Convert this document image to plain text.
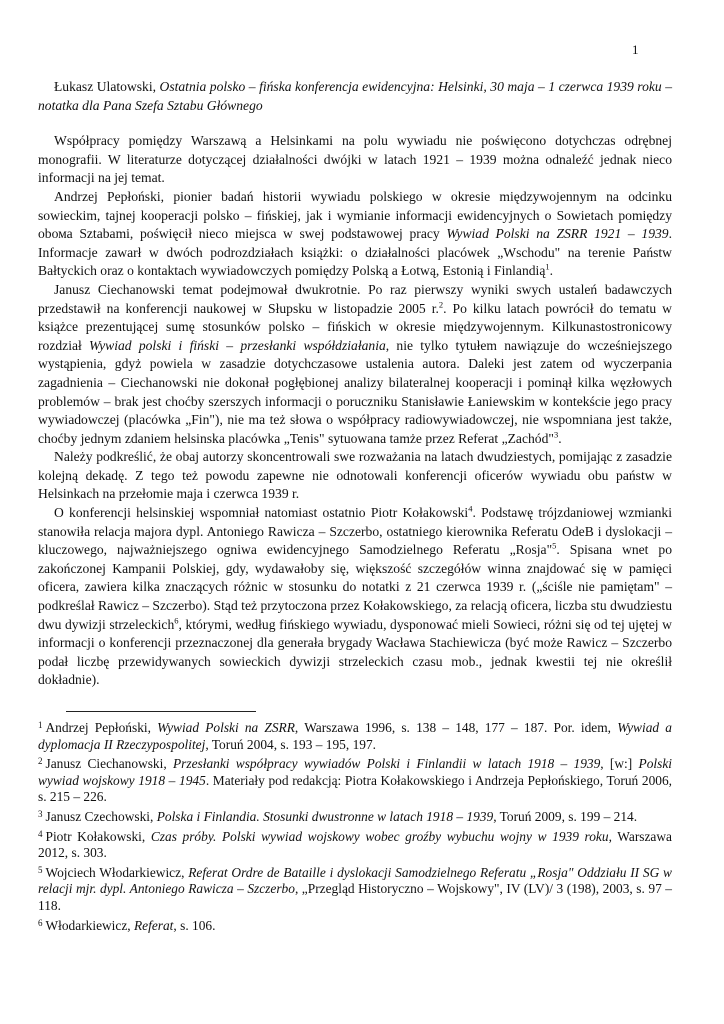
1

Łukasz Ulatowski, Ostatnia polsko – fińska konferencja ewidencyjna: Helsinki, 30 maja – 1 czerwca 1939 roku – notatka dla Pana Szefa Sztabu Głównego

Współpracy pomiędzy Warszawą a Helsinkami na polu wywiadu nie poświęcono dotychczas odrębnej monografii. W literaturze dotyczącej działalności dwójki w latach 1921 – 1939 można odnaleźć jednak nieco informacji na jej temat.

Andrzej Pepłoński, pionier badań historii wywiadu polskiego w okresie międzywojennym na odcinku sowieckim, tajnej kooperacji polsko – fińskiej, jak i wymianie informacji ewidencyjnych o Sowietach pomiędzy obома Sztabami, poświęcił nieco miejsca w swej podstawowej pracy Wywiad Polski na ZSRR 1921 – 1939. Informacje zawarł w dwóch podrozdziałach książki: o działalności placówek „Wschodu" na terenie Państw Bałtyckich oraz o kontaktach wywiadowczych pomiędzy Polską a Łotwą, Estonią i Finlandią$^1$.

Janusz Ciechanowski temat podejmował dwukrotnie. Po raz pierwszy wyniki swych ustaleń badawczych przedstawił na konferencji naukowej w Słupsku w listopadzie 2005 r.$^2$. Po kilku latach powrócił do tematu w książce prezentującej sumę stosunków polsko – fińskich w okresie międzywojennym. Kilkunastostronicowy rozdział Wywiad polski i fiński – przesłanki współdziałania, nie tylko tytułem nawiązuje do wcześniejszego wystąpienia, gdyż powiela w zasadzie dotychczasowe ustalenia autora. Daleki jest zatem od wyczerpania zagadnienia – Ciechanowski nie dokonał pogłębionej analizy bilateralnej kooperacji i pominął kilka węzłowych problemów – brak jest choćby szerszych informacji o poruczniku Stanisławie Łaniewskim w kontekście jego pracy wywiadowczej (placówka „Fin"), nie ma też słowa o współpracy radiowywiadowczej, nie wspomniana jest także, choćby jednym zdaniem helsinska placówka „Tenis" sytuowana tamże przez Referat „Zachód"$^3$.

Należy podkreślić, że obaj autorzy skoncentrowali swe rozważania na latach dwudziestych, pomijając z zasadzie kolejną dekadę. Z tego też powodu zapewne nie odnotowali konferencji oficerów wywiadu obu państw w Helsinkach na przełomie maja i czerwca 1939 r.

O konferencji helsinskiej wspomniał natomiast ostatnio Piotr Kołakowski$^4$. Podstawę trójzdaniowej wzmianki stanowiła relacja majora dypl. Antoniego Rawicza – Szczerbo, ostatniego kierownika Referatu OdeB i dyslokacji – kluczowego, najważniejszego ogniwa ewidencyjnego Samodzielnego Referatu „Rosja"$^5$. Spisana wnet po zakończonej Kampanii Polskiej, gdy, wydawałoby się, większość szczegółów winna znajdować się w pamięci oficera, zawiera kilka znaczących różnic w stosunku do notatki z 21 czerwca 1939 r. („ściśle nie pamiętam" – podkreślał Rawicz – Szczerbo). Stąd też przytoczona przez Kołakowskiego, za relacją oficera, liczba stu dwudziestu dwu dywizji strzeleckich$^6$, którymi, według fińskiego wywiadu, dysponować mieli Sowieci, różni się od tej ujętej w informacji o konferencji przeznaczonej dla generała brygady Wacława Stachiewicza (być może Rawicz – Szczerbo podał liczbę przewidywanych sowieckich dywizji strzeleckich czasu mob., jednak kwestii tej nie określił dokładnie).

$^1$ Andrzej Pepłoński, Wywiad Polski na ZSRR, Warszawa 1996, s. 138 – 148, 177 – 187. Por. idem, Wywiad a dyplomacja II Rzeczypospolitej, Toruń 2004, s. 193 – 195, 197.

$^2$ Janusz Ciechanowski, Przesłanki współpracy wywiadów Polski i Finlandii w latach 1918 – 1939, [w:] Polski wywiad wojskowy 1918 – 1945. Materiały pod redakcją: Piotra Kołakowskiego i Andrzeja Pepłońskiego, Toruń 2006, s. 215 – 226.

$^3$ Janusz Czechowski, Polska i Finlandia. Stosunki dwustronne w latach 1918 – 1939, Toruń 2009, s. 199 – 214.

$^4$ Piotr Kołakowski, Czas próby. Polski wywiad wojskowy wobec groźby wybuchu wojny w 1939 roku, Warszawa 2012, s. 303.

$^5$ Wojciech Włodarkiewicz, Referat Ordre de Bataille i dyslokacji Samodzielnego Referatu „Rosja" Oddziału II SG w relacji mjr. dypl. Antoniego Rawicza – Szczerbo, „Przegląd Historyczno – Wojskowy", IV (LV)/ 3 (198), 2003, s. 97 – 118.

$^6$ Włodarkiewicz, Referat, s. 106.
